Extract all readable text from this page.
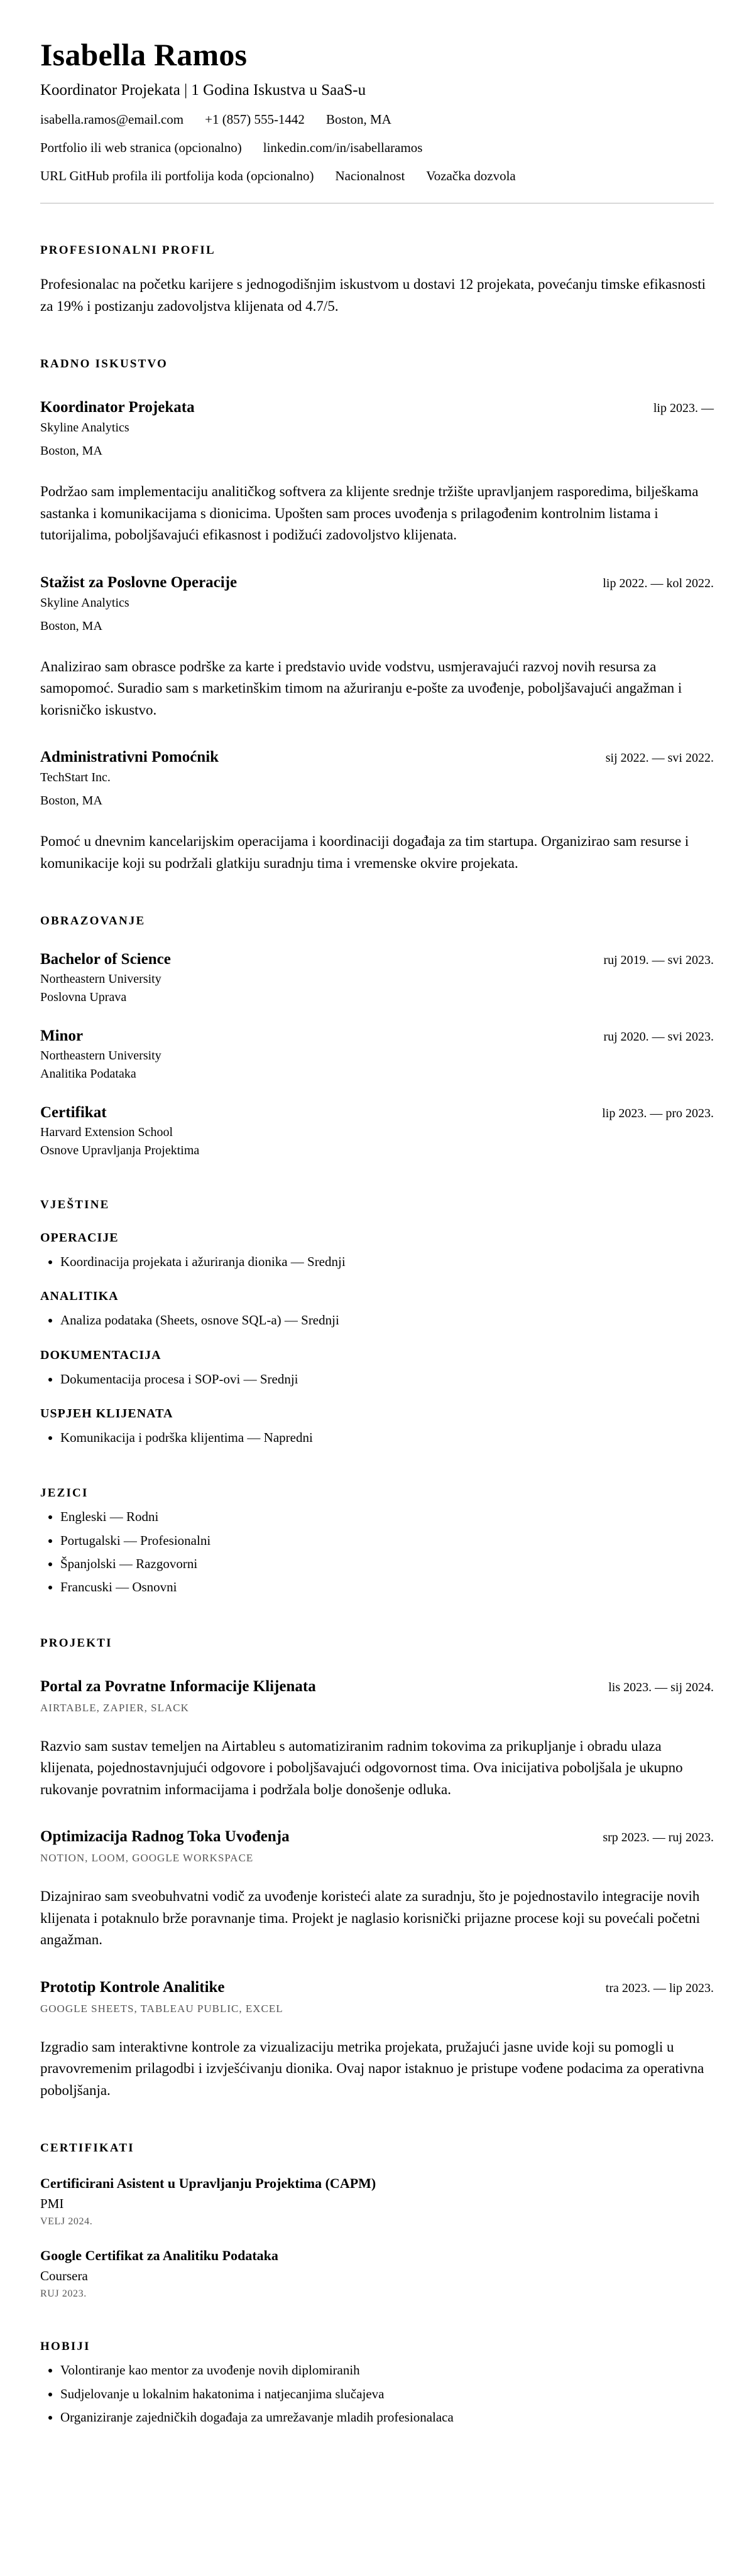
Isabella Ramos
Koordinator Projekata | 1 Godina Iskustva u SaaS-u
isabella.ramos@email.com +1 (857) 555-1442 Boston, MA
Portfolio ili web stranica (opcionalno) linkedin.com/in/isabellaramos
URL GitHub profila ili portfolija koda (opcionalno) Nacionalnost Vozačka dozvola
PROFESIONALNI PROFIL

Profesionalac na početku karijere s jednogodišnjim iskustvom u dostavi 12 projekata, povećanju timske efikasnosti za 19% i postizanju zadovoljstva klijenata od 4.7/5.

RADNO ISKUSTVO
Koordinator Projekata	lip 2023. —
Skyline Analytics
Boston, MA

Podržao sam implementaciju analitičkog softvera za klijente srednje tržište upravljanjem rasporedima, bilješkama sastanka i komunikacijama s dionicima. Upošten sam proces uvođenja s prilagođenim kontrolnim listama i tutorijalima, poboljšavajući efikasnost i podižući zadovoljstvo klijenata.

Stažist za Poslovne Operacije	lip 2022. — kol 2022.
Skyline Analytics
Boston, MA

Analizirao sam obrasce podrške za karte i predstavio uvide vodstvu, usmjeravajući razvoj novih resursa za samopomoć. Suradio sam s marketinškim timom na ažuriranju e-pošte za uvođenje, poboljšavajući angažman i korisničko iskustvo.

Administrativni Pomoćnik	sij 2022. — svi 2022.
TechStart Inc.
Boston, MA

Pomoć u dnevnim kancelarijskim operacijama i koordinaciji događaja za tim startupa. Organizirao sam resurse i komunikacije koji su podržali glatkiju suradnju tima i vremenske okvire projekata.

OBRAZOVANJE
Bachelor of Science	ruj 2019. — svi 2023.
Northeastern University
Poslovna Uprava
Minor	ruj 2020. — svi 2023.
Northeastern University
Analitika Podataka
Certifikat	lip 2023. — pro 2023.
Harvard Extension School
Osnove Upravljanja Projektima
VJEŠTINE
OPERACIJE
• Koordinacija projekata i ažuriranja dionika — Srednji
ANALITIKA
• Analiza podataka (Sheets, osnove SQL-a) — Srednji
DOKUMENTACIJA
• Dokumentacija procesa i SOP-ovi — Srednji
USPJEH KLIJENATA
• Komunikacija i podrška klijentima — Napredni
JEZICI
• Engleski — Rodni
• Portugalski — Profesionalni
• Španjolski — Razgovorni
• Francuski — Osnovni
PROJEKTI
Portal za Povratne Informacije Klijenata	lis 2023. — sij 2024.
AIRTABLE, ZAPIER, SLACK

Razvio sam sustav temeljen na Airtableu s automatiziranim radnim tokovima za prikupljanje i obradu ulaza klijenata, pojednostavnjujući odgovore i poboljšavajući odgovornost tima. Ova inicijativa poboljšala je ukupno rukovanje povratnim informacijama i podržala bolje donošenje odluka.

Optimizacija Radnog Toka Uvođenja	srp 2023. — ruj 2023.
NOTION, LOOM, GOOGLE WORKSPACE

Dizajnirao sam sveobuhvatni vodič za uvođenje koristeći alate za suradnju, što je pojednostavilo integracije novih klijenata i potaknulo brže poravnanje tima. Projekt je naglasio korisnički prijazne procese koji su povećali početni angažman.

Prototip Kontrole Analitike	tra 2023. — lip 2023.
GOOGLE SHEETS, TABLEAU PUBLIC, EXCEL

Izgradio sam interaktivne kontrole za vizualizaciju metrika projekata, pružajući jasne uvide koji su pomogli u pravovremenim prilagodbi i izvješćivanju dionika. Ovaj napor istaknuo je pristupe vođene podacima za operativna poboljšanja.

CERTIFIKATI
Certificirani Asistent u Upravljanju Projektima (CAPM)
PMI
VELJ 2024.
Google Certifikat za Analitiku Podataka
Coursera
RUJ 2023.
HOBIJI
• Volontiranje kao mentor za uvođenje novih diplomiranih
• Sudjelovanje u lokalnim hakatonima i natjecanjima slučajeva
• Organiziranje zajedničkih događaja za umrežavanje mladih profesionalaca
